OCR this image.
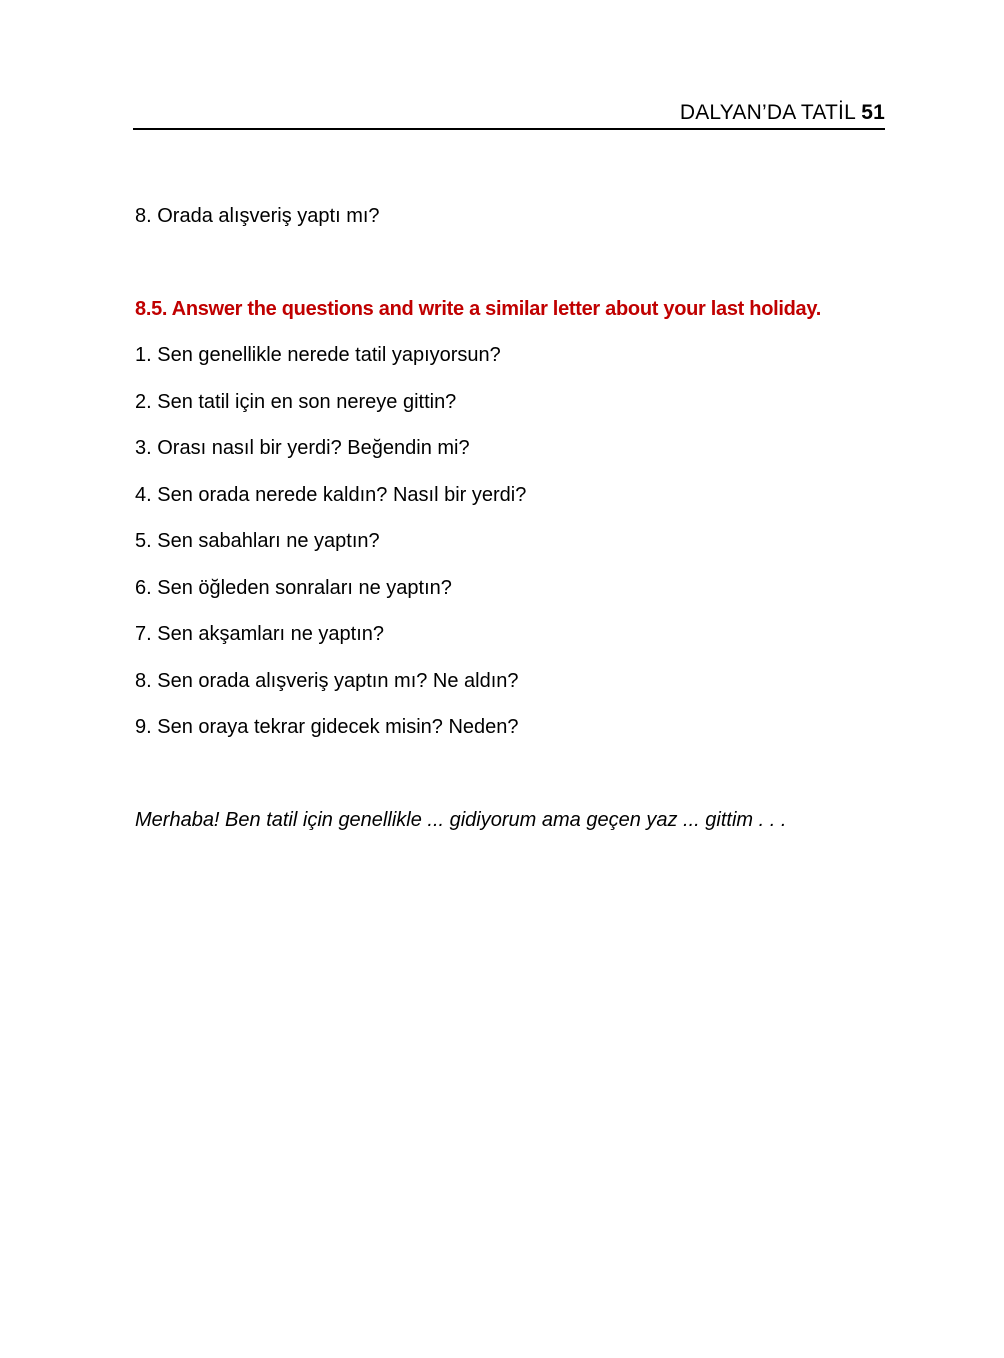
DALYAN’DA TATİL 51
8. Orada alışveriş yaptı mı?
8.5. Answer the questions and write a similar letter about your last holiday.
1. Sen genellikle nerede tatil yapıyorsun?
2. Sen tatil için en son nereye gittin?
3. Orası nasıl bir yerdi? Beğendin mi?
4. Sen orada nerede kaldın? Nasıl bir yerdi?
5. Sen sabahları ne yaptın?
6. Sen öğleden sonraları ne yaptın?
7. Sen akşamları ne yaptın?
8. Sen orada alışveriş yaptın mı? Ne aldın?
9. Sen oraya tekrar gidecek misin? Neden?
Merhaba! Ben tatil için genellikle ... gidiyorum ama geçen yaz ... gittim . . .
